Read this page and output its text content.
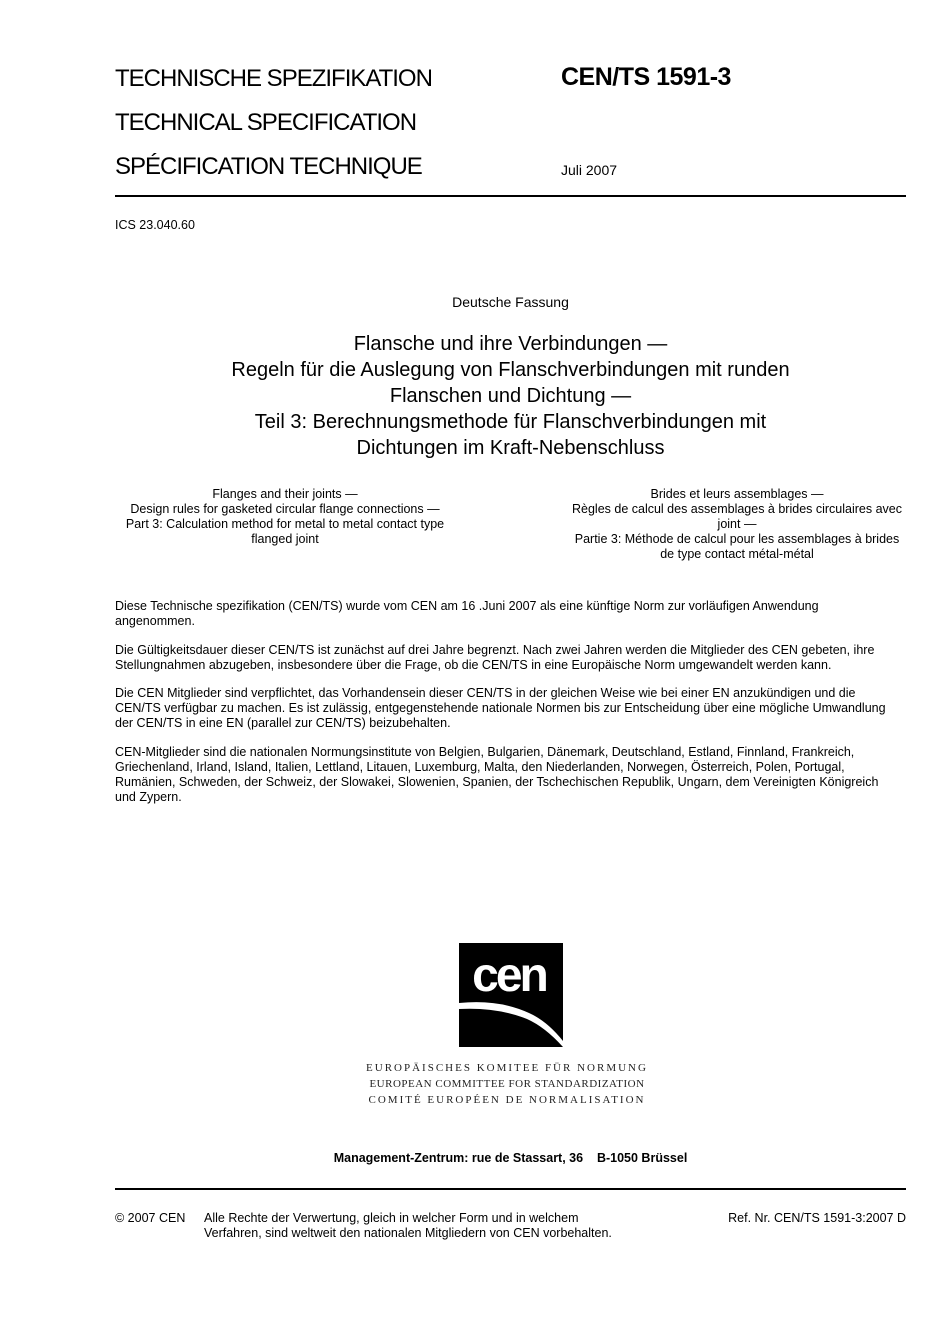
TECHNISCHE SPEZIFIKATION
TECHNICAL SPECIFICATION
SPÉCIFICATION TECHNIQUE
CEN/TS 1591-3
Juli 2007
ICS 23.040.60
Deutsche Fassung
Flansche und ihre Verbindungen —
Regeln für die Auslegung von Flanschverbindungen mit runden
Flanschen und Dichtung —
Teil 3: Berechnungsmethode für Flanschverbindungen mit
Dichtungen im Kraft-Nebenschluss
Flanges and their joints —
Design rules for gasketed circular flange connections —
Part 3: Calculation method for metal to metal contact type
flanged joint
Brides et leurs assemblages —
Règles de calcul des assemblages à brides circulaires avec
joint —
Partie 3: Méthode de calcul pour les assemblages à brides
de type contact métal-métal

Diese Technische spezifikation (CEN/TS) wurde vom CEN am 16 .Juni 2007 als eine künftige Norm zur vorläufigen Anwendung

angenommen.

Die Gültigkeitsdauer dieser CEN/TS ist zunächst auf drei Jahre begrenzt. Nach zwei Jahren werden die Mitglieder des CEN gebeten, ihre

Stellungnahmen abzugeben, insbesondere über die Frage, ob die CEN/TS in eine Europäische Norm umgewandelt werden kann.

Die CEN Mitglieder sind verpflichtet, das Vorhandensein dieser CEN/TS in der gleichen Weise wie bei einer EN anzukündigen und die

CEN/TS verfügbar zu machen. Es ist zulässig, entgegenstehende nationale Normen bis zur Entscheidung über eine mögliche Umwandlung

der CEN/TS in eine EN (parallel zur CEN/TS) beizubehalten.

CEN-Mitglieder sind die nationalen Normungsinstitute von Belgien, Bulgarien, Dänemark, Deutschland, Estland, Finnland, Frankreich,

Griechenland, Irland, Island, Italien, Lettland, Litauen, Luxemburg, Malta, den Niederlanden, Norwegen, Österreich, Polen, Portugal,

Rumänien, Schweden, der Schweiz, der Slowakei, Slowenien, Spanien, der Tschechischen Republik, Ungarn, dem Vereinigten Königreich

und Zypern.

cen
EUROPÄISCHES KOMITEE FÜR NORMUNG
EUROPEAN COMMITTEE FOR STANDARDIZATION
COMITÉ EUROPÉEN DE NORMALISATION
Management-Zentrum: rue de Stassart, 36    B-1050 Brüssel
© 2007 CEN Alle Rechte der Verwertung, gleich in welcher Form und in welchem
Verfahren, sind weltweit den nationalen Mitgliedern von CEN vorbehalten.
Ref. Nr. CEN/TS 1591-3:2007 D
